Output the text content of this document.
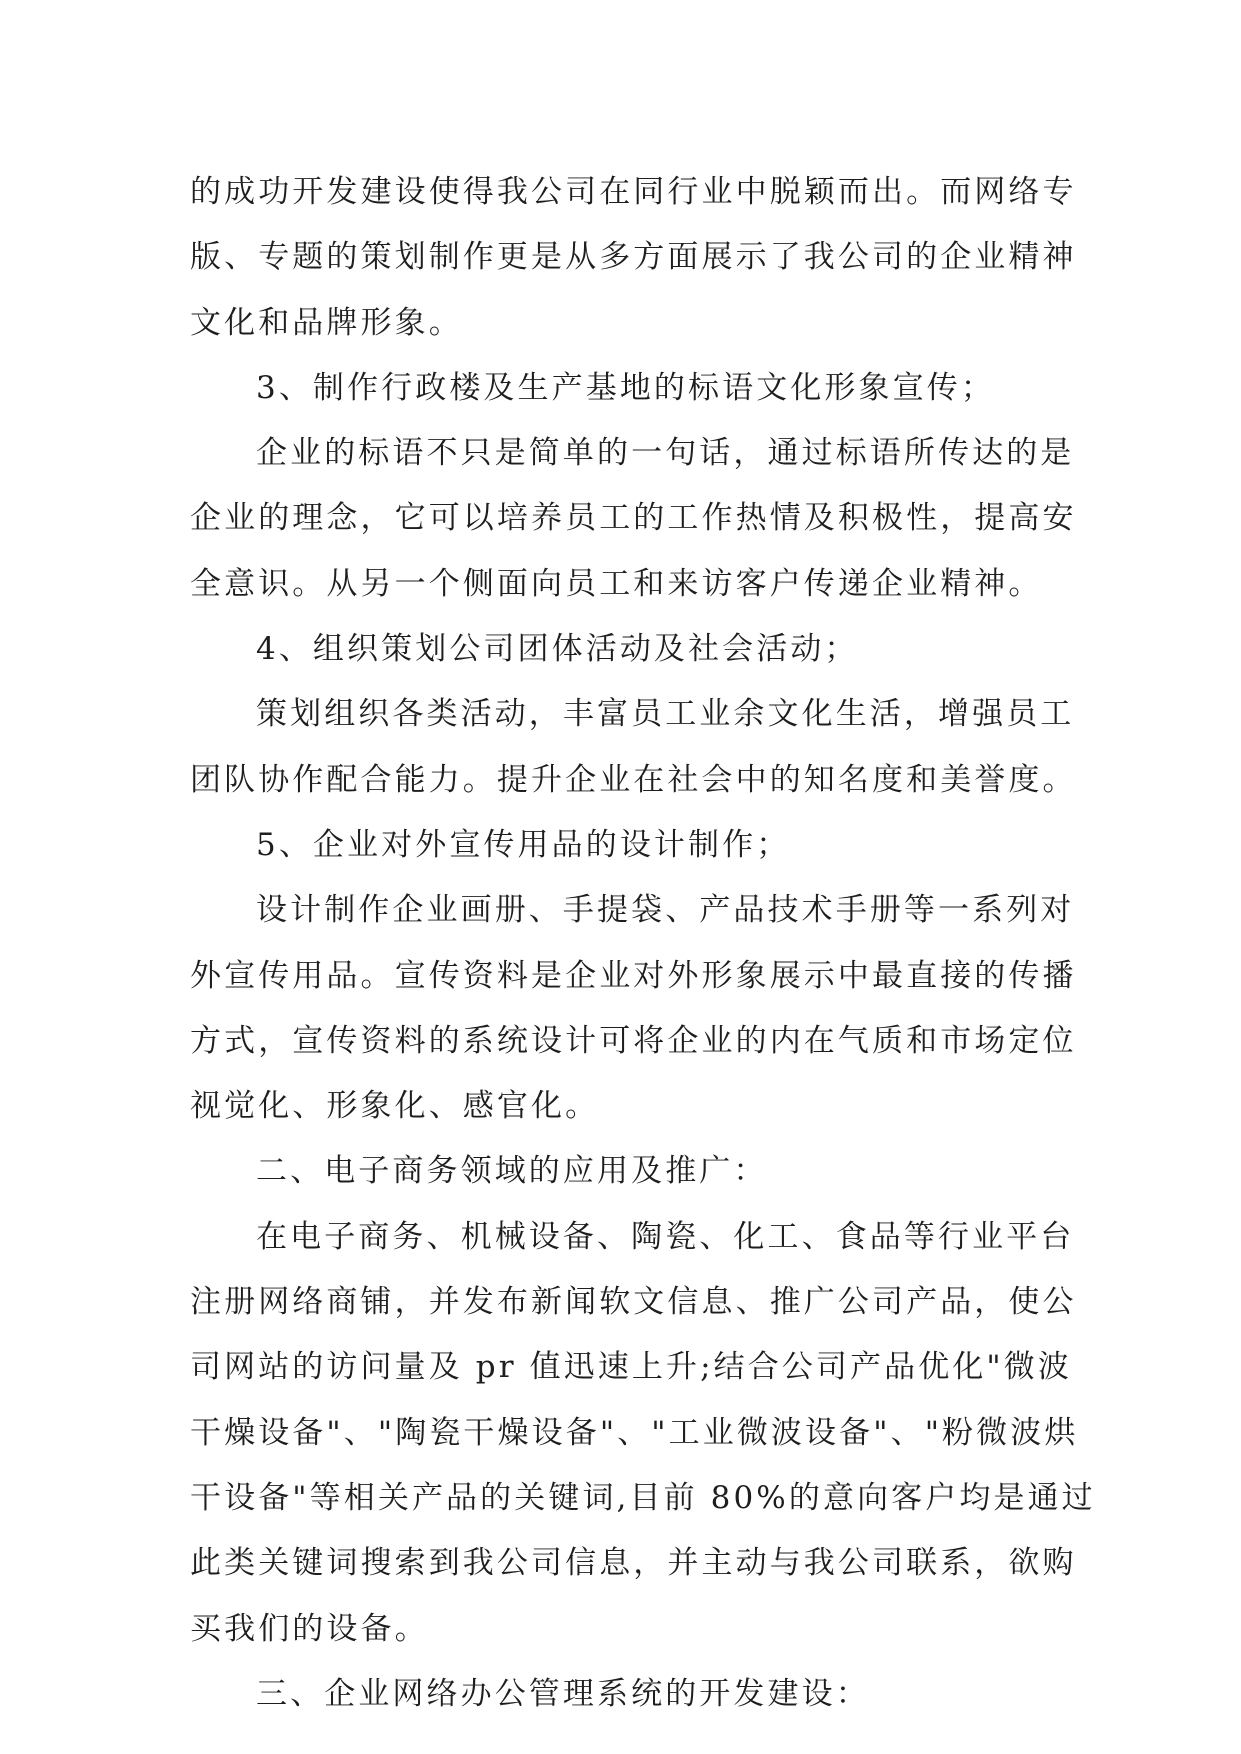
的成功开发建设使得我公司在同行业中脱颖而出。而网络专
版、专题的策划制作更是从多方面展示了我公司的企业精神
文化和品牌形象。
3、制作行政楼及生产基地的标语文化形象宣传；
企业的标语不只是简单的一句话，通过标语所传达的是
企业的理念，它可以培养员工的工作热情及积极性，提高安
全意识。从另一个侧面向员工和来访客户传递企业精神。
4、组织策划公司团体活动及社会活动；
策划组织各类活动，丰富员工业余文化生活，增强员工
团队协作配合能力。提升企业在社会中的知名度和美誉度。
5、企业对外宣传用品的设计制作；
设计制作企业画册、手提袋、产品技术手册等一系列对
外宣传用品。宣传资料是企业对外形象展示中最直接的传播
方式，宣传资料的系统设计可将企业的内在气质和市场定位
视觉化、形象化、感官化。
二、电子商务领域的应用及推广：
在电子商务、机械设备、陶瓷、化工、食品等行业平台
注册网络商铺，并发布新闻软文信息、推广公司产品，使公
司网站的访问量及 pr 值迅速上升;结合公司产品优化"微波
干燥设备"、"陶瓷干燥设备"、"工业微波设备"、"粉微波烘
干设备"等相关产品的关键词,目前 80%的意向客户均是通过
此类关键词搜索到我公司信息，并主动与我公司联系，欲购
买我们的设备。
三、企业网络办公管理系统的开发建设：
